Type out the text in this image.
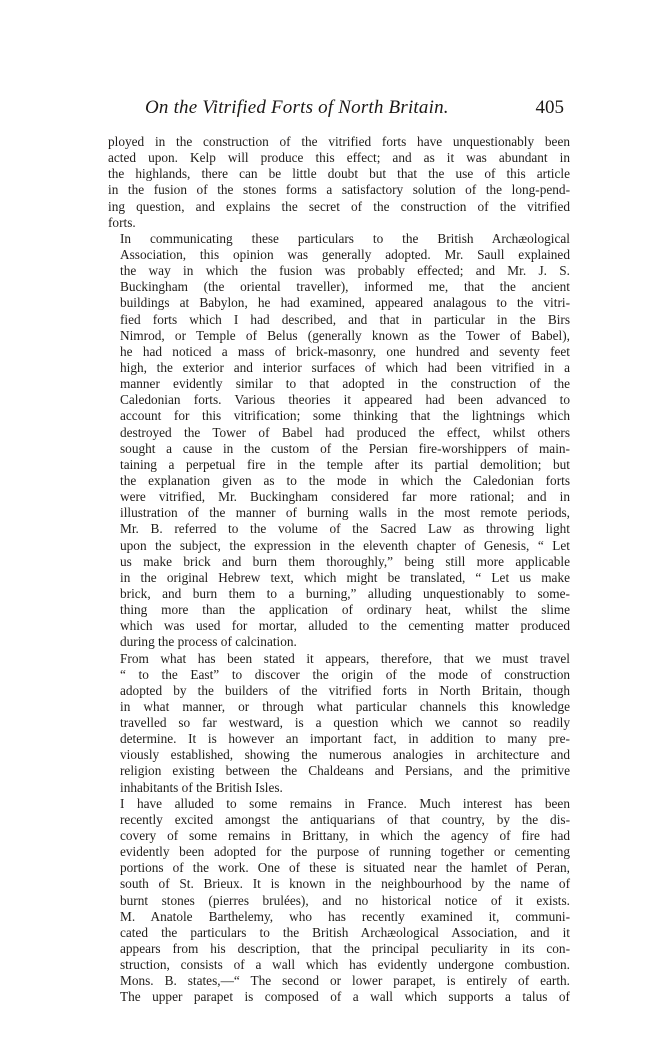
On the Vitrified Forts of North Britain.	405

ployed in the construction of the vitrified forts have unquestionably been
acted upon. Kelp will produce this effect; and as it was abundant in
the highlands, there can be little doubt but that the use of this article
in the fusion of the stones forms a satisfactory solution of the long-pend-
ing question, and explains the secret of the construction of the vitrified
forts.

In communicating these particulars to the British Archæological
Association, this opinion was generally adopted. Mr. Saull explained
the way in which the fusion was probably effected; and Mr. J. S.
Buckingham (the oriental traveller), informed me, that the ancient
buildings at Babylon, he had examined, appeared analagous to the vitri-
fied forts which I had described, and that in particular in the Birs
Nimrod, or Temple of Belus (generally known as the Tower of Babel),
he had noticed a mass of brick-masonry, one hundred and seventy feet
high, the exterior and interior surfaces of which had been vitrified in a
manner evidently similar to that adopted in the construction of the
Caledonian forts. Various theories it appeared had been advanced to
account for this vitrification; some thinking that the lightnings which
destroyed the Tower of Babel had produced the effect, whilst others
sought a cause in the custom of the Persian fire-worshippers of main-
taining a perpetual fire in the temple after its partial demolition; but
the explanation given as to the mode in which the Caledonian forts
were vitrified, Mr. Buckingham considered far more rational; and in
illustration of the manner of burning walls in the most remote periods,
Mr. B. referred to the volume of the Sacred Law as throwing light
upon the subject, the expression in the eleventh chapter of Genesis, “ Let
us make brick and burn them thoroughly,” being still more applicable
in the original Hebrew text, which might be translated, “ Let us make
brick, and burn them to a burning,” alluding unquestionably to some-
thing more than the application of ordinary heat, whilst the slime
which was used for mortar, alluded to the cementing matter produced
during the process of calcination.

From what has been stated it appears, therefore, that we must travel
“ to the East” to discover the origin of the mode of construction
adopted by the builders of the vitrified forts in North Britain, though
in what manner, or through what particular channels this knowledge
travelled so far westward, is a question which we cannot so readily
determine. It is however an important fact, in addition to many pre-
viously established, showing the numerous analogies in architecture and
religion existing between the Chaldeans and Persians, and the primitive
inhabitants of the British Isles.

I have alluded to some remains in France. Much interest has been
recently excited amongst the antiquarians of that country, by the dis-
covery of some remains in Brittany, in which the agency of fire had
evidently been adopted for the purpose of running together or cementing
portions of the work. One of these is situated near the hamlet of Peran,
south of St. Brieux. It is known in the neighbourhood by the name of
burnt stones (pierres brulées), and no historical notice of it exists.
M. Anatole Barthelemy, who has recently examined it, communi-
cated the particulars to the British Archæological Association, and it
appears from his description, that the principal peculiarity in its con-
struction, consists of a wall which has evidently undergone combustion.
Mons. B. states,—“ The second or lower parapet, is entirely of earth.
The upper parapet is composed of a wall which supports a talus of
